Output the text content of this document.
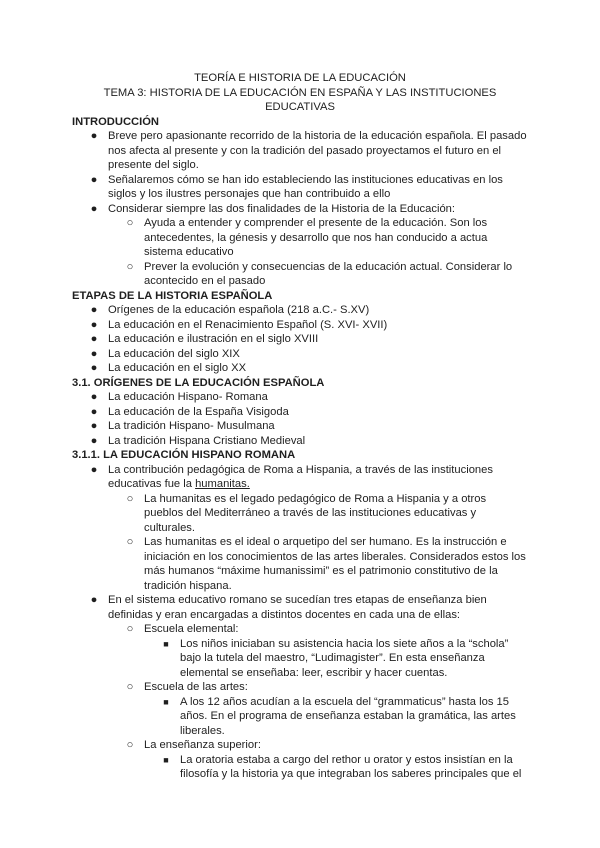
TEORÍA E HISTORIA DE LA EDUCACIÓN
TEMA 3: HISTORIA DE LA EDUCACIÓN EN ESPAÑA Y LAS INSTITUCIONES
EDUCATIVAS
INTRODUCCIÓN
● Breve pero apasionante recorrido de la historia de la educación española. El pasado nos afecta al presente y con la tradición del pasado proyectamos el futuro en el presente del siglo.
● Señalaremos cómo se han ido estableciendo las instituciones educativas en los siglos y los ilustres personajes que han contribuido a ello
● Considerar siempre las dos finalidades de la Historia de la Educación:
○ Ayuda a entender y comprender el presente de la educación. Son los antecedentes, la génesis y desarrollo que nos han conducido a actua sistema educativo
○ Prever la evolución y consecuencias de la educación actual. Considerar lo acontecido en el pasado
ETAPAS DE LA HISTORIA ESPAÑOLA
● Orígenes de la educación española (218 a.C.- S.XV)
● La educación en el Renacimiento Español (S. XVI- XVII)
● La educación e ilustración en el siglo XVIII
● La educación del siglo XIX
● La educación en el siglo XX
3.1. ORÍGENES DE LA EDUCACIÓN ESPAÑOLA
● La educación Hispano- Romana
● La educación de la España Visigoda
● La tradición Hispano- Musulmana
● La tradición Hispana Cristiano Medieval
3.1.1. LA EDUCACIÓN HISPANO ROMANA
● La contribución pedagógica de Roma a Hispania, a través de las instituciones educativas fue la humanitas.
○ La humanitas es el legado pedagógico de Roma a Hispania y a otros pueblos del Mediterráneo a través de las instituciones educativas y culturales.
○ Las humanitas es el ideal o arquetipo del ser humano. Es la instrucción e iniciación en los conocimientos de las artes liberales. Considerados estos los más humanos “máxime humanissimi” es el patrimonio constitutivo de la tradición hispana.
● En el sistema educativo romano se sucedían tres etapas de enseñanza bien definidas y eran encargadas a distintos docentes en cada una de ellas:
○ Escuela elemental:
■ Los niños iniciaban su asistencia hacia los siete años a la “schola” bajo la tutela del maestro, “Ludimagister”. En esta enseñanza elemental se enseñaba: leer, escribir y hacer cuentas.
○ Escuela de las artes:
■ A los 12 años acudían a la escuela del “grammaticus” hasta los 15 años. En el programa de enseñanza estaban la gramática, las artes liberales.
○ La enseñanza superior:
■ La oratoria estaba a cargo del rethor u orator y estos insistían en la filosofía y la historia ya que integraban los saberes principales que el
